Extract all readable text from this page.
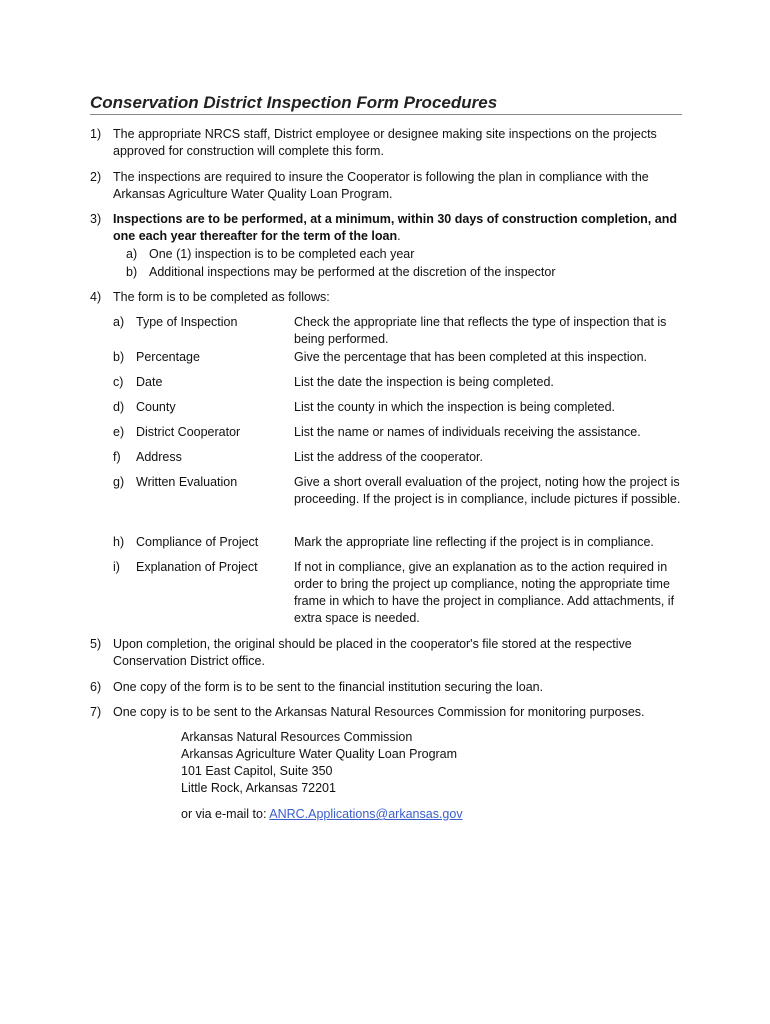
Conservation District Inspection Form Procedures
1) The appropriate NRCS staff, District employee or designee making site inspections on the projects approved for construction will complete this form.
2) The inspections are required to insure the Cooperator is following the plan in compliance with the Arkansas Agriculture Water Quality Loan Program.
3) Inspections are to be performed, at a minimum, within 30 days of construction completion, and one each year thereafter for the term of the loan.
a) One (1) inspection is to be completed each year
b) Additional inspections may be performed at the discretion of the inspector
4) The form is to be completed as follows:
a) Type of Inspection	Check the appropriate line that reflects the type of inspection that is being performed.
b) Percentage	Give the percentage that has been completed at this inspection.
c) Date	List the date the inspection is being completed.
d) County	List the county in which the inspection is being completed.
e) District Cooperator	List the name or names of individuals receiving the assistance.
f) Address	List the address of the cooperator.
g) Written Evaluation	Give a short overall evaluation of the project, noting how the project is proceeding. If the project is in compliance, include pictures if possible.
h) Compliance of Project	Mark the appropriate line reflecting if the project is in compliance.
i) Explanation of Project	If not in compliance, give an explanation as to the action required in order to bring the project up compliance, noting the appropriate time frame in which to have the project in compliance. Add attachments, if extra space is needed.
5) Upon completion, the original should be placed in the cooperator's file stored at the respective Conservation District office.
6) One copy of the form is to be sent to the financial institution securing the loan.
7) One copy is to be sent to the Arkansas Natural Resources Commission for monitoring purposes.
Arkansas Natural Resources Commission
Arkansas Agriculture Water Quality Loan Program
101 East Capitol, Suite 350
Little Rock, Arkansas 72201
or via e-mail to: ANRC.Applications@arkansas.gov
